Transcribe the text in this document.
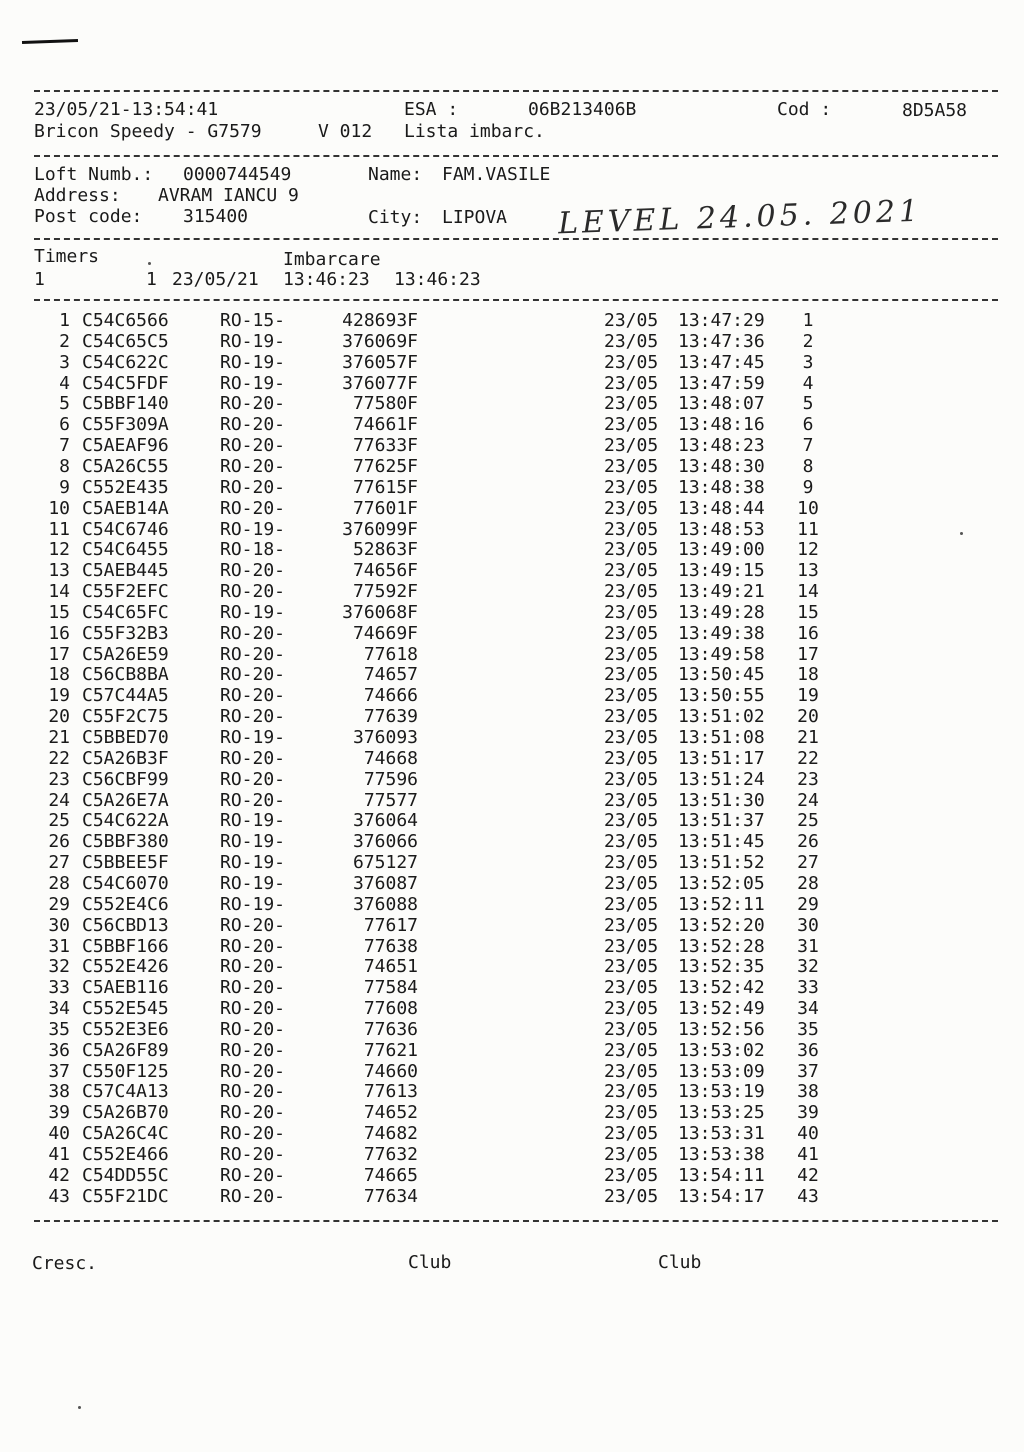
23/05/21-13:54:41	ESA :	06B213406B	Cod :	8D5A58
Bricon Speedy - G7579	V 012 Lista imbarc.
Loft Numb.: 0000744549	Name: FAM.VASILE
Address: AVRAM IANCU 9
Post code: 315400	City: LIPOVA LEVEL 24.05. 2021
Timers	Imbarcare
1	1 23/05/21 13:46:23 13:46:23
1 C54C6566	RO-15-	428693F	23/05 13:47:29	1
2 C54C65C5	RO-19-	376069F	23/05 13:47:36	2
3 C54C622C	RO-19-	376057F	23/05 13:47:45	3
4 C54C5FDF	RO-19-	376077F	23/05 13:47:59	4
5 C5BBF140	RO-20-	77580F	23/05 13:48:07	5
6 C55F309A	RO-20-	74661F	23/05 13:48:16	6
7 C5AEAF96	RO-20-	77633F	23/05 13:48:23	7
8 C5A26C55	RO-20-	77625F	23/05 13:48:30	8
9 C552E435	RO-20-	77615F	23/05 13:48:38	9
10 C5AEB14A	RO-20-	77601F	23/05 13:48:44	10
11 C54C6746	RO-19-	376099F	23/05 13:48:53	11
12 C54C6455	RO-18-	52863F	23/05 13:49:00	12
13 C5AEB445	RO-20-	74656F	23/05 13:49:15	13
14 C55F2EFC	RO-20-	77592F	23/05 13:49:21	14
15 C54C65FC	RO-19-	376068F	23/05 13:49:28	15
16 C55F32B3	RO-20-	74669F	23/05 13:49:38	16
17 C5A26E59	RO-20-	77618	23/05 13:49:58	17
18 C56CB8BA	RO-20-	74657	23/05 13:50:45	18
19 C57C44A5	RO-20-	74666	23/05 13:50:55	19
20 C55F2C75	RO-20-	77639	23/05 13:51:02	20
21 C5BBED70	RO-19-	376093	23/05 13:51:08	21
22 C5A26B3F	RO-20-	74668	23/05 13:51:17	22
23 C56CBF99	RO-20-	77596	23/05 13:51:24	23
24 C5A26E7A	RO-20-	77577	23/05 13:51:30	24
25 C54C622A	RO-19-	376064	23/05 13:51:37	25
26 C5BBF380	RO-19-	376066	23/05 13:51:45	26
27 C5BBEE5F	RO-19-	675127	23/05 13:51:52	27
28 C54C6070	RO-19-	376087	23/05 13:52:05	28
29 C552E4C6	RO-19-	376088	23/05 13:52:11	29
30 C56CBD13	RO-20-	77617	23/05 13:52:20	30
31 C5BBF166	RO-20-	77638	23/05 13:52:28	31
32 C552E426	RO-20-	74651	23/05 13:52:35	32
33 C5AEB116	RO-20-	77584	23/05 13:52:42	33
34 C552E545	RO-20-	77608	23/05 13:52:49	34
35 C552E3E6	RO-20-	77636	23/05 13:52:56	35
36 C5A26F89	RO-20-	77621	23/05 13:53:02	36
37 C550F125	RO-20-	74660	23/05 13:53:09	37
38 C57C4A13	RO-20-	77613	23/05 13:53:19	38
39 C5A26B70	RO-20-	74652	23/05 13:53:25	39
40 C5A26C4C	RO-20-	74682	23/05 13:53:31	40
41 C552E466	RO-20-	77632	23/05 13:53:38	41
42 C54DD55C	RO-20-	74665	23/05 13:54:11	42
43 C55F21DC	RO-20-	77634	23/05 13:54:17	43
Cresc.	Club	Club
